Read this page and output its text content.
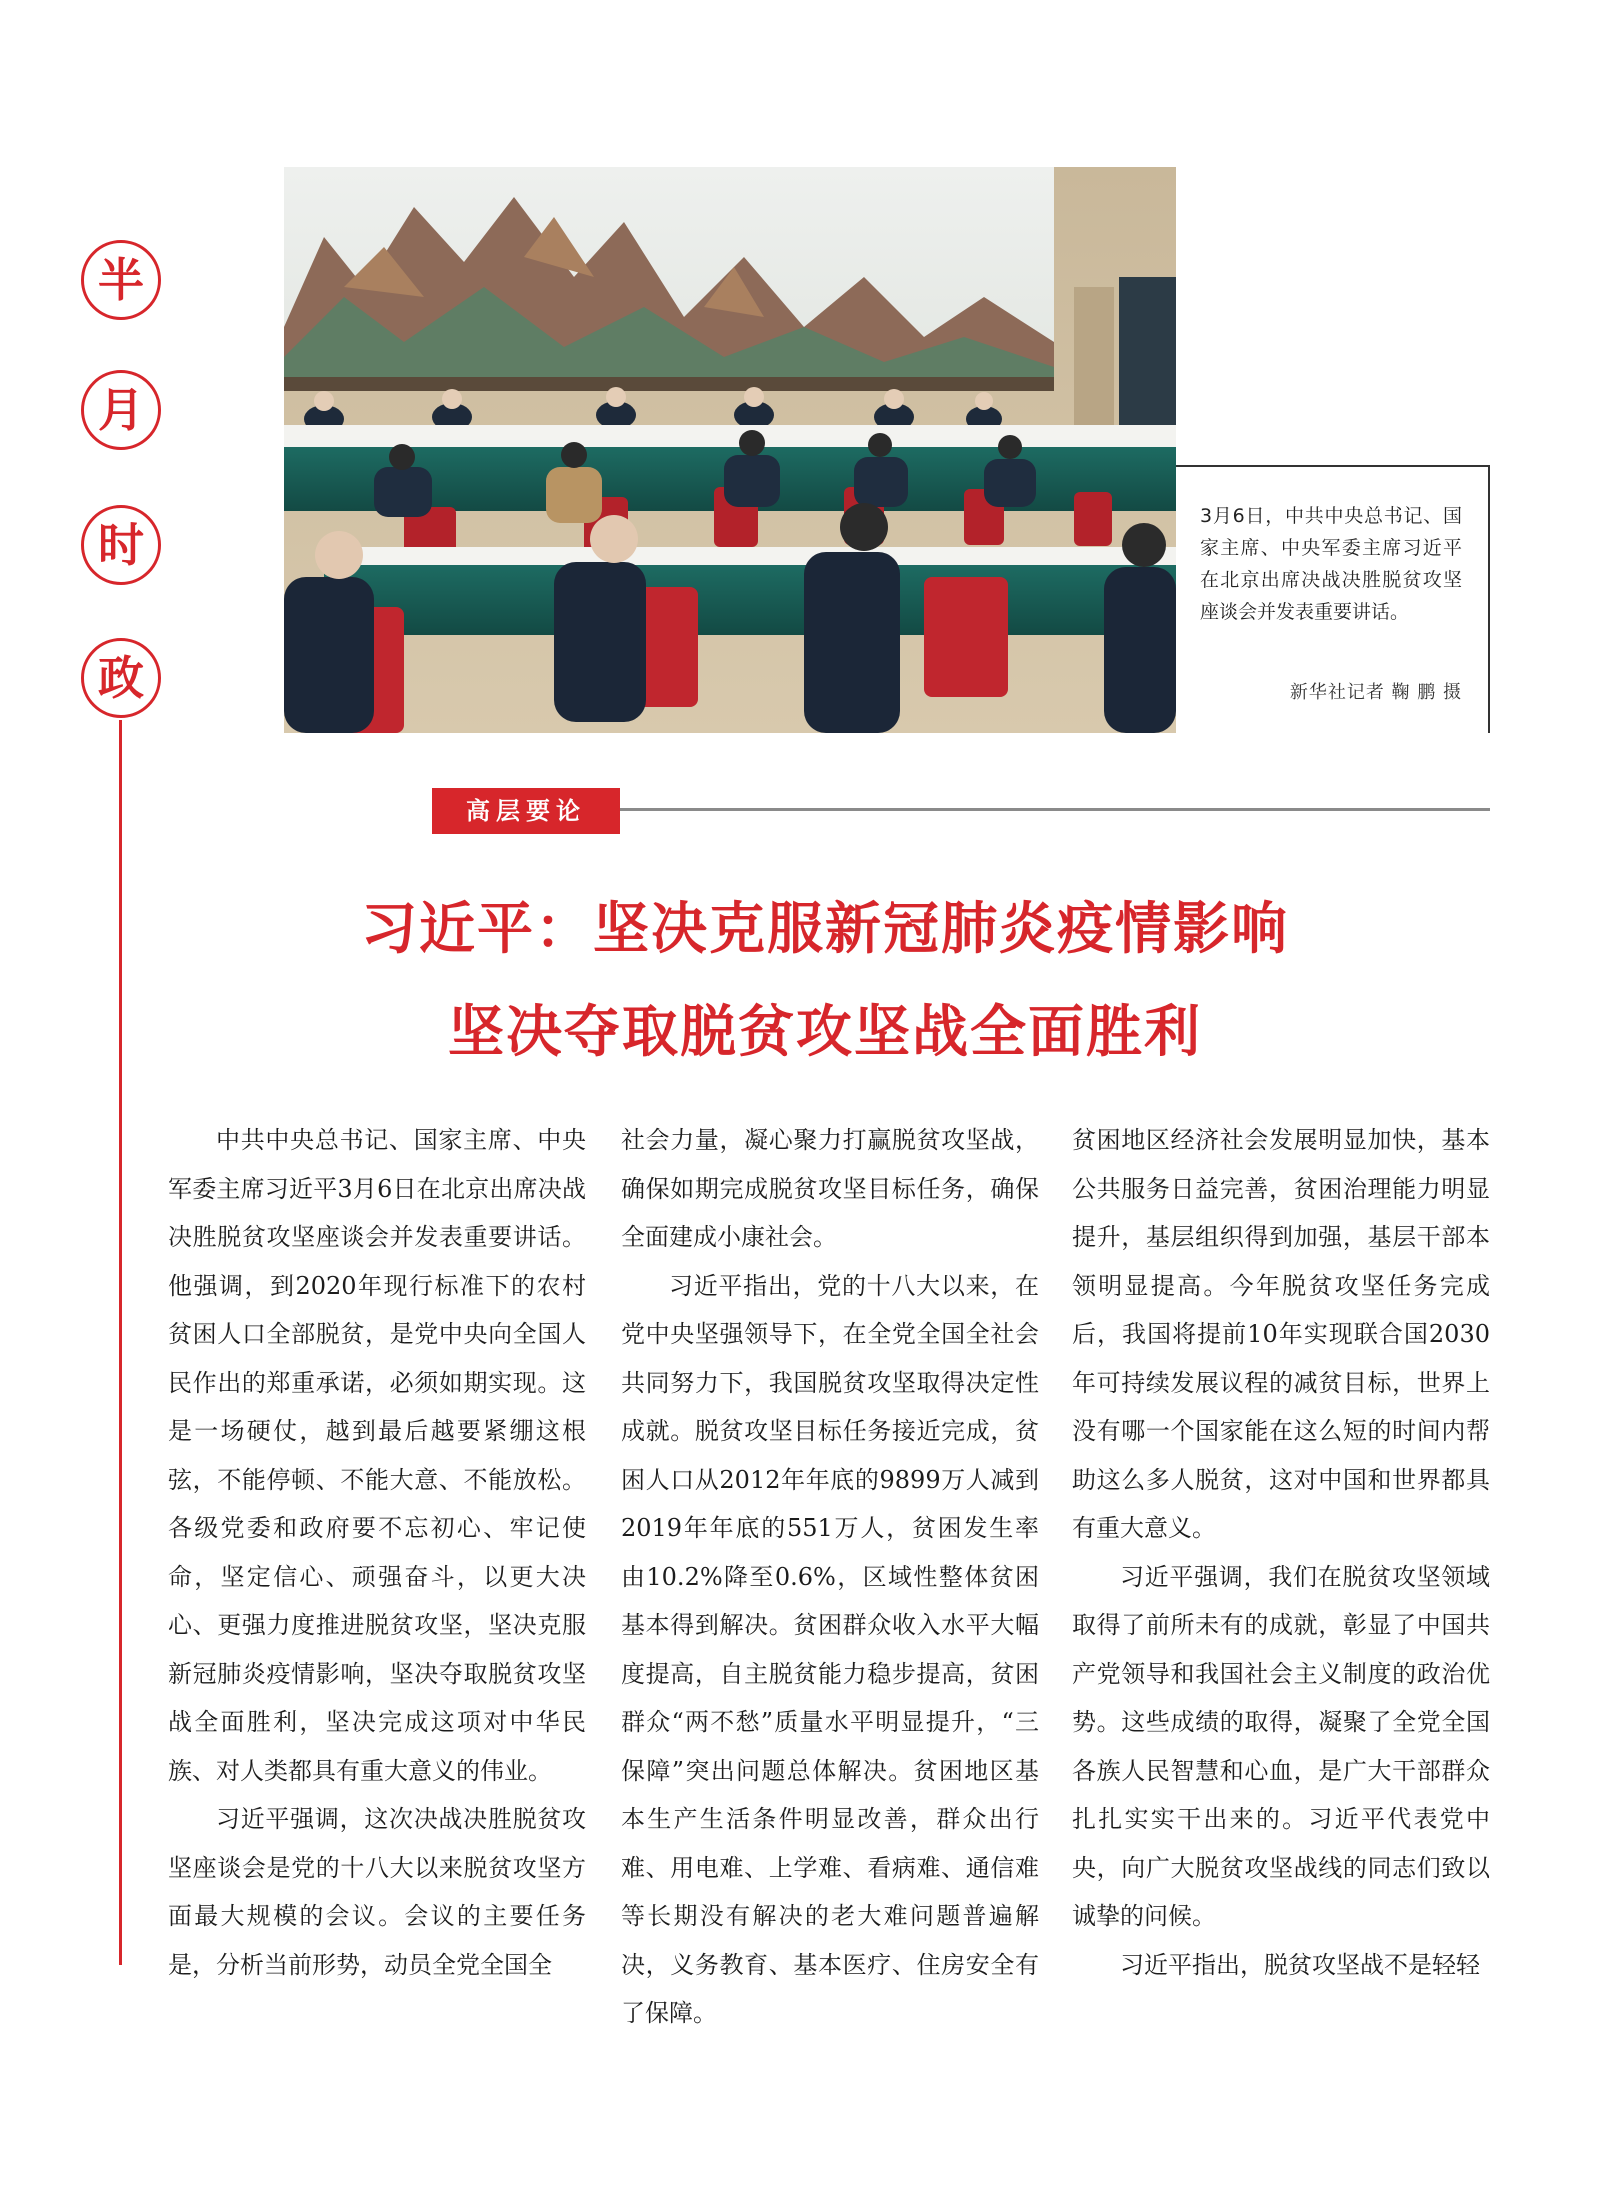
半
月
时
政
3月6日，中共中央总书记、国家主席、中央军委主席习近平在北京出席决战决胜脱贫攻坚座谈会并发表重要讲话。
新华社记者 鞠 鹏 摄
高层要论
习近平：坚决克服新冠肺炎疫情影响
坚决夺取脱贫攻坚战全面胜利

中共中央总书记、国家主席、中央军委主席习近平3月6日在北京出席决战决胜脱贫攻坚座谈会并发表重要讲话。他强调，到2020年现行标准下的农村贫困人口全部脱贫，是党中央向全国人民作出的郑重承诺，必须如期实现。这是一场硬仗，越到最后越要紧绷这根弦，不能停顿、不能大意、不能放松。各级党委和政府要不忘初心、牢记使命，坚定信心、顽强奋斗，以更大决心、更强力度推进脱贫攻坚，坚决克服新冠肺炎疫情影响，坚决夺取脱贫攻坚战全面胜利，坚决完成这项对中华民族、对人类都具有重大意义的伟业。

习近平强调，这次决战决胜脱贫攻坚座谈会是党的十八大以来脱贫攻坚方面最大规模的会议。会议的主要任务是，分析当前形势，动员全党全国全

社会力量，凝心聚力打赢脱贫攻坚战，确保如期完成脱贫攻坚目标任务，确保全面建成小康社会。

习近平指出，党的十八大以来，在党中央坚强领导下，在全党全国全社会共同努力下，我国脱贫攻坚取得决定性成就。脱贫攻坚目标任务接近完成，贫困人口从2012年年底的9899万人减到2019年年底的551万人，贫困发生率由10.2%降至0.6%，区域性整体贫困基本得到解决。贫困群众收入水平大幅度提高，自主脱贫能力稳步提高，贫困群众“两不愁”质量水平明显提升，“三保障”突出问题总体解决。贫困地区基本生产生活条件明显改善，群众出行难、用电难、上学难、看病难、通信难等长期没有解决的老大难问题普遍解决，义务教育、基本医疗、住房安全有了保障。

贫困地区经济社会发展明显加快，基本公共服务日益完善，贫困治理能力明显提升，基层组织得到加强，基层干部本领明显提高。今年脱贫攻坚任务完成后，我国将提前10年实现联合国2030年可持续发展议程的减贫目标，世界上没有哪一个国家能在这么短的时间内帮助这么多人脱贫，这对中国和世界都具有重大意义。

习近平强调，我们在脱贫攻坚领域取得了前所未有的成就，彰显了中国共产党领导和我国社会主义制度的政治优势。这些成绩的取得，凝聚了全党全国各族人民智慧和心血，是广大干部群众扎扎实实干出来的。习近平代表党中央，向广大脱贫攻坚战线的同志们致以诚挚的问候。

习近平指出，脱贫攻坚战不是轻轻
